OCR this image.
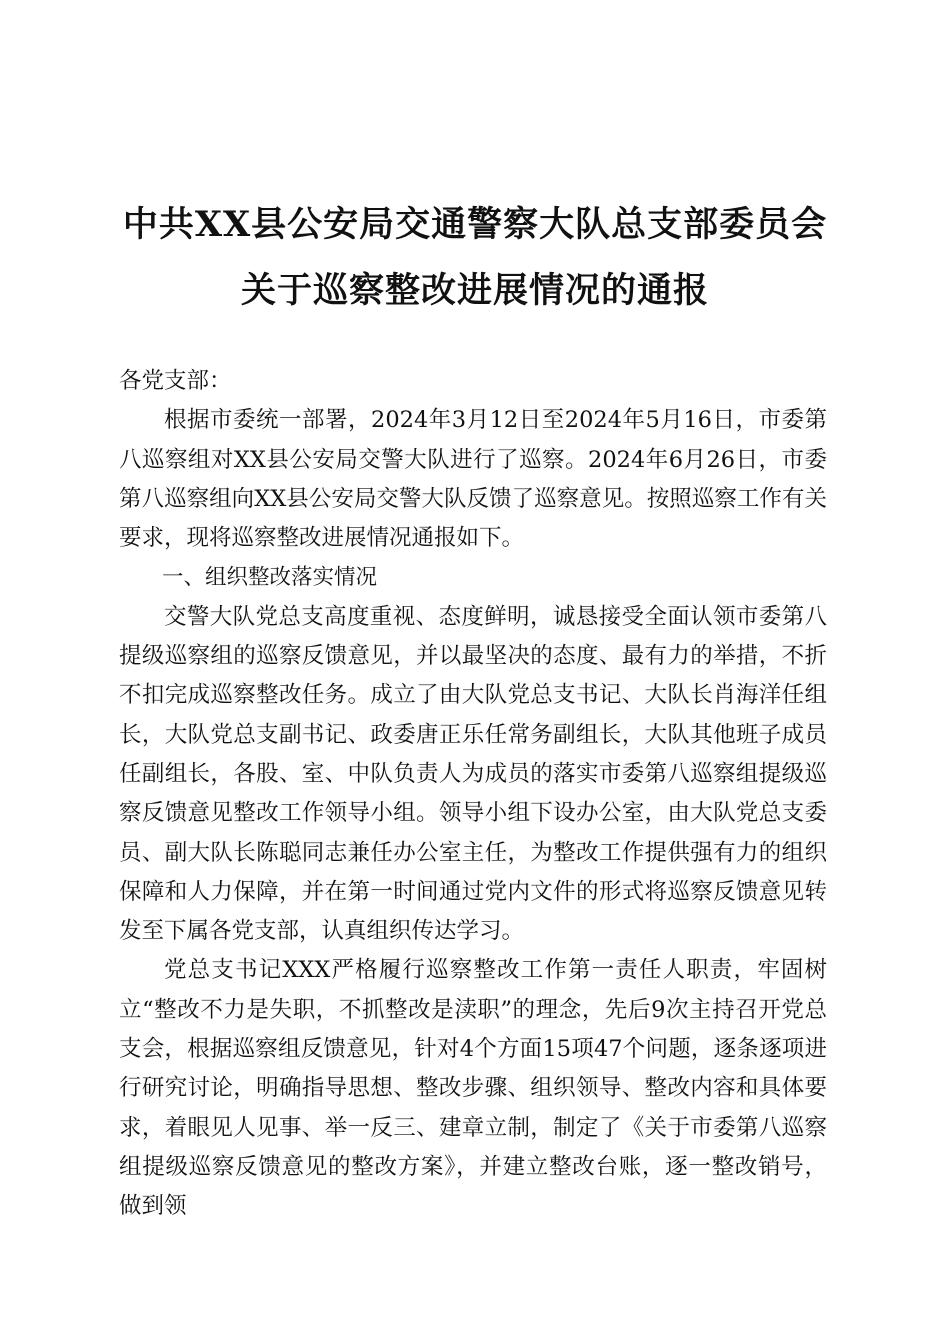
中共XX县公安局交通警察大队总支部委员会
关于巡察整改进展情况的通报

各党支部：

根据市委统一部署，2024年3月12日至2024年5月16日，市委第八巡察组对XX县公安局交警大队进行了巡察。2024年6月26日，市委第八巡察组向XX县公安局交警大队反馈了巡察意见。按照巡察工作有关要求，现将巡察整改进展情况通报如下。

一、组织整改落实情况

交警大队党总支高度重视、态度鲜明，诚恳接受全面认领市委第八提级巡察组的巡察反馈意见，并以最坚决的态度、最有力的举措，不折不扣完成巡察整改任务。成立了由大队党总支书记、大队长肖海洋任组长，大队党总支副书记、政委唐正乐任常务副组长，大队其他班子成员任副组长，各股、室、中队负责人为成员的落实市委第八巡察组提级巡察反馈意见整改工作领导小组。领导小组下设办公室，由大队党总支委员、副大队长陈聪同志兼任办公室主任，为整改工作提供强有力的组织保障和人力保障，并在第一时间通过党内文件的形式将巡察反馈意见转发至下属各党支部，认真组织传达学习。

党总支书记XXX严格履行巡察整改工作第一责任人职责，牢固树立“整改不力是失职，不抓整改是渎职”的理念，先后9次主持召开党总支会，根据巡察组反馈意见，针对4个方面15项47个问题，逐条逐项进行研究讨论，明确指导思想、整改步骤、组织领导、整改内容和具体要求，着眼见人见事、举一反三、建章立制，制定了《关于市委第八巡察组提级巡察反馈意见的整改方案》，并建立整改台账，逐一整改销号，做到领
